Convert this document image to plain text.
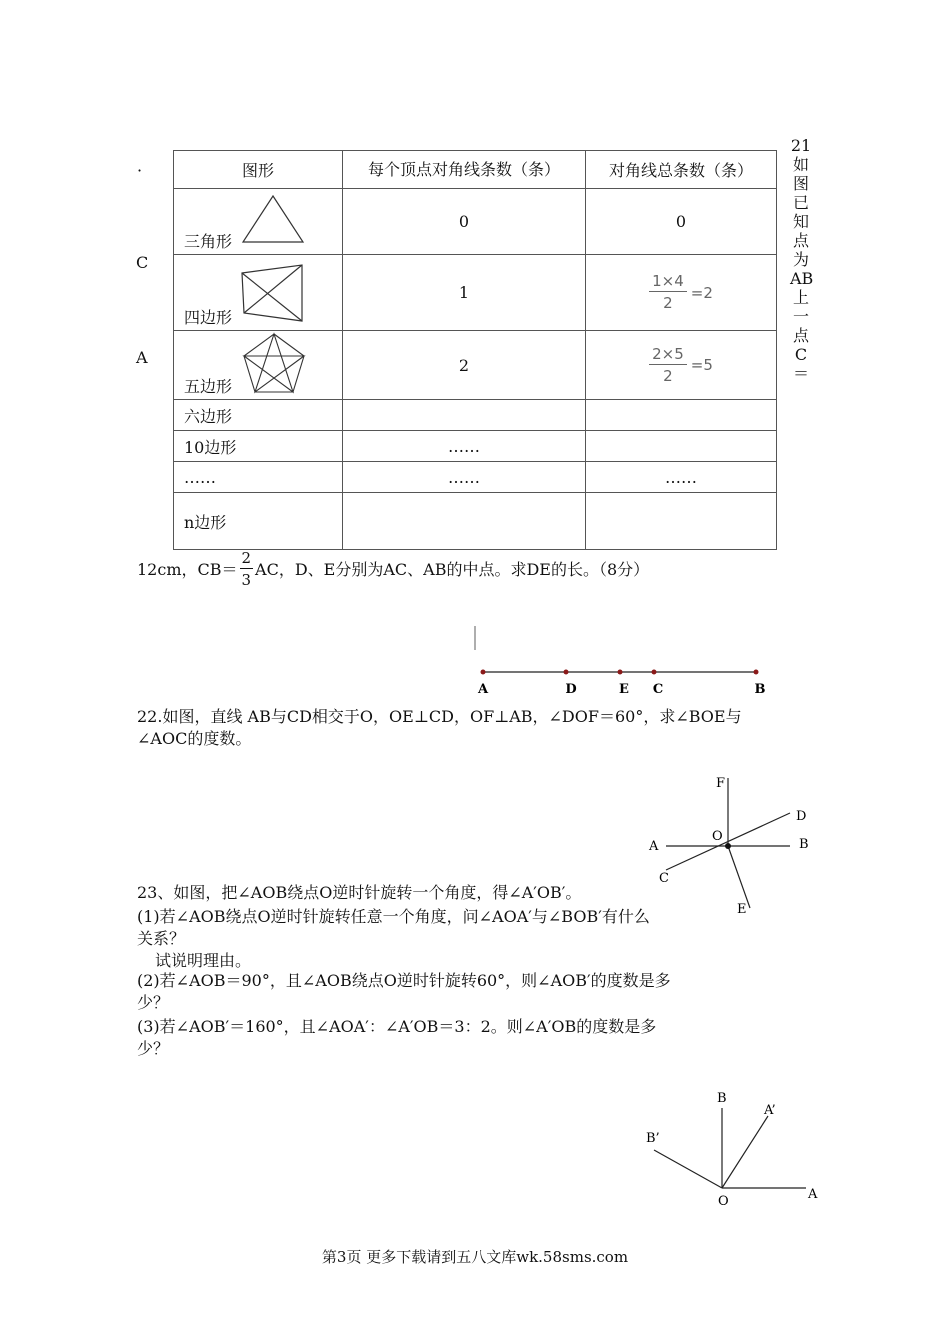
·
C
A
21如图已知点为AB上一点C＝
图形	每个顶点对角线条数（条）	对角线总条数（条）

三角形	0	0

四边形	1	$\frac{1\times 4}{2} =2$

五边形	2	$\frac{2\times 5}{2} =5$

六边形		
10边形	……	
……	……	……
n边形		
12cm，$CB= \frac{2}{3}$ AC，D、E分别为AC、AB的中点。求DE的长。（8分）
A	D	E C	B
22.如图，直线 AB与CD相交于O，OE⊥CD，OF⊥AB，∠DOF＝60°，求∠BOE与
∠AOC的度数。
F
D
O
A	B
C
E
23、如图，把∠AOB绕点O逆时针旋转一个角度，得∠A′OB′。
(1)若∠AOB绕点O逆时针旋转任意一个角度，问∠AOA′与∠BOB′有什么
关系？
试说明理由。
(2)若∠AOB＝90°，且∠AOB绕点O逆时针旋转60°，则∠AOB′的度数是多
少？
(3)若∠AOB′＝160°，且∠AOA′：∠A′OB＝3：2。则∠A′OB的度数是多
少？
B
A’
B’
O	A
第3页 更多下载请到五八文库wk.58sms.com
